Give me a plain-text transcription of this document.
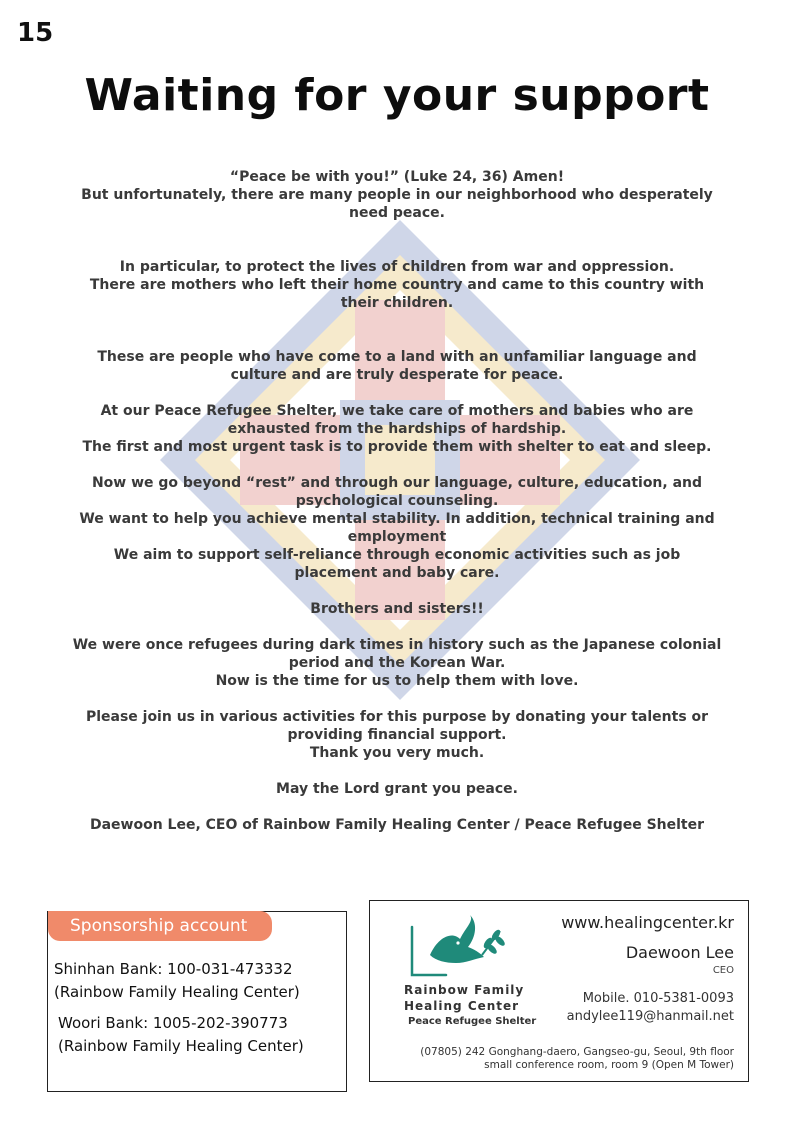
15
Waiting for your support

“Peace be with you!” (Luke 24, 36) Amen!
But unfortunately, there are many people in our neighborhood who desperately need peace.

In particular, to protect the lives of children from war and oppression.
There are mothers who left their home country and came to this country with their children.

These are people who have come to a land with an unfamiliar language and culture and are truly desperate for peace.

At our Peace Refugee Shelter, we take care of mothers and babies who are exhausted from the hardships of hardship.
The first and most urgent task is to provide them with shelter to eat and sleep.

Now we go beyond “rest” and through our language, culture, education, and psychological counseling.
We want to help you achieve mental stability. In addition, technical training and employment
We aim to support self-reliance through economic activities such as job placement and baby care.

Brothers and sisters!!

We were once refugees during dark times in history such as the Japanese colonial period and the Korean War.
Now is the time for us to help them with love.

Please join us in various activities for this purpose by donating your talents or providing financial support.
Thank you very much.

May the Lord grant you peace.

Daewoon Lee, CEO of Rainbow Family Healing Center / Peace Refugee Shelter

Sponsorship account
Shinhan Bank: 100-031-473332
(Rainbow Family Healing Center)
Woori Bank: 1005-202-390773
(Rainbow Family Healing Center)
Rainbow Family
Healing Center
Peace Refugee Shelter
www.healingcenter.kr
Daewoon Lee
CEO
Mobile. 010-5381-0093
andylee119@hanmail.net
(07805) 242 Gonghang-daero, Gangseo-gu, Seoul, 9th floor
small conference room, room 9 (Open M Tower)
